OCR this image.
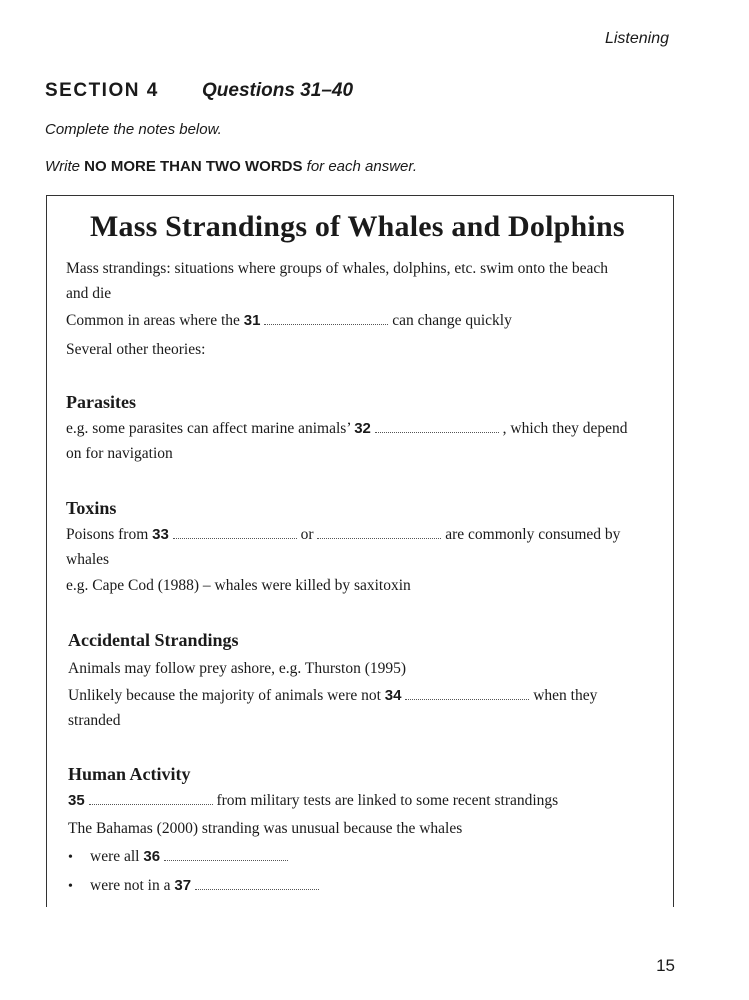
Listening
SECTION 4 Questions 31–40
Complete the notes below.
Write NO MORE THAN TWO WORDS for each answer.
Mass Strandings of Whales and Dolphins
Mass strandings: situations where groups of whales, dolphins, etc. swim onto the beach
and die
Common in areas where the 31	can change quickly
Several other theories:
Parasites
e.g. some parasites can affect marine animals’ 32	, which they depend
on for navigation
Toxins
Poisons from 33	or	are commonly consumed by
whales
e.g. Cape Cod (1988) – whales were killed by saxitoxin
Accidental Strandings
Animals may follow prey ashore, e.g. Thurston (1995)
Unlikely because the majority of animals were not 34	when they
stranded
Human Activity
35	from military tests are linked to some recent strandings
The Bahamas (2000) stranding was unusual because the whales
• were all 36
• were not in a 37
15
